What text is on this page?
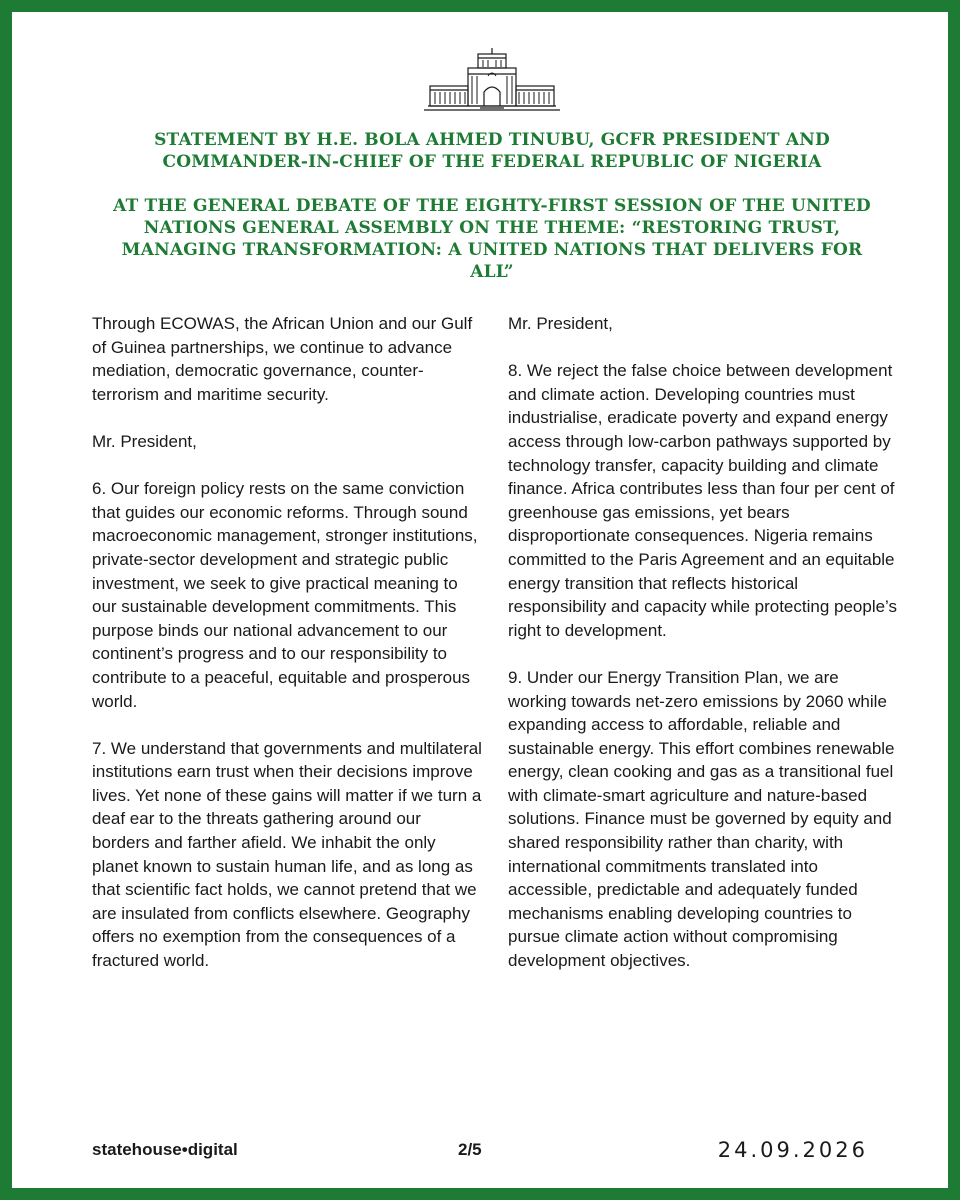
STATEMENT BY H.E. BOLA AHMED TINUBU, GCFR PRESIDENT AND COMMANDER-IN-CHIEF OF THE FEDERAL REPUBLIC OF NIGERIA
AT THE GENERAL DEBATE OF THE EIGHTY-FIRST SESSION OF THE UNITED NATIONS GENERAL ASSEMBLY ON THE THEME: “RESTORING TRUST, MANAGING TRANSFORMATION: A UNITED NATIONS THAT DELIVERS FOR ALL”

Through ECOWAS, the African Union and our Gulf of Guinea partnerships, we continue to advance mediation, democratic governance, counter-terrorism and maritime security.

Mr. President,

6. Our foreign policy rests on the same conviction that guides our economic reforms. Through sound macroeconomic management, stronger institutions, private-sector development and strategic public investment, we seek to give practical meaning to our sustainable development commitments. This purpose binds our national advancement to our continent’s progress and to our responsibility to contribute to a peaceful, equitable and prosperous world.

7. We understand that governments and multilateral institutions earn trust when their decisions improve lives. Yet none of these gains will matter if we turn a deaf ear to the threats gathering around our borders and farther afield. We inhabit the only planet known to sustain human life, and as long as that scientific fact holds, we cannot pretend that we are insulated from conflicts elsewhere. Geography offers no exemption from the consequences of a fractured world.

Mr. President,

8. We reject the false choice between development and climate action. Developing countries must industrialise, eradicate poverty and expand energy access through low-carbon pathways supported by technology transfer, capacity building and climate finance. Africa contributes less than four per cent of greenhouse gas emissions, yet bears disproportionate consequences. Nigeria remains committed to the Paris Agreement and an equitable energy transition that reflects historical responsibility and capacity while protecting people’s right to development.

9. Under our Energy Transition Plan, we are working towards net-zero emissions by 2060 while expanding access to affordable, reliable and sustainable energy. This effort combines renewable energy, clean cooking and gas as a transitional fuel with climate-smart agriculture and nature-based solutions. Finance must be governed by equity and shared responsibility rather than charity, with international commitments translated into accessible, predictable and adequately funded mechanisms enabling developing countries to pursue climate action without compromising development objectives.

statehouse•digital	2/5	24.09.2026
